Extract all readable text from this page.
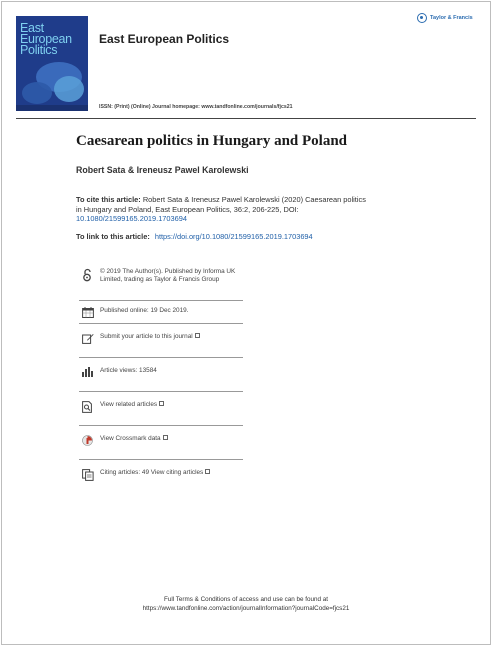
East
European
Politics
East European Politics
Taylor & Francis
ISSN: (Print) (Online) Journal homepage: www.tandfonline.com/journals/fjcs21
Caesarean politics in Hungary and Poland
Robert Sata & Ireneusz Pawel Karolewski
To cite this article: Robert Sata & Ireneusz Pawel Karolewski (2020) Caesarean politics in Hungary and Poland, East European Politics, 36:2, 206-225, DOI: 10.1080/21599165.2019.1703694
To link to this article: https://doi.org/10.1080/21599165.2019.1703694
© 2019 The Author(s). Published by Informa UK Limited, trading as Taylor & Francis Group
Published online: 19 Dec 2019.
Submit your article to this journal
Article views: 13584
View related articles
View Crossmark data
Citing articles: 49 View citing articles
Full Terms & Conditions of access and use can be found at
https://www.tandfonline.com/action/journalInformation?journalCode=fjcs21
